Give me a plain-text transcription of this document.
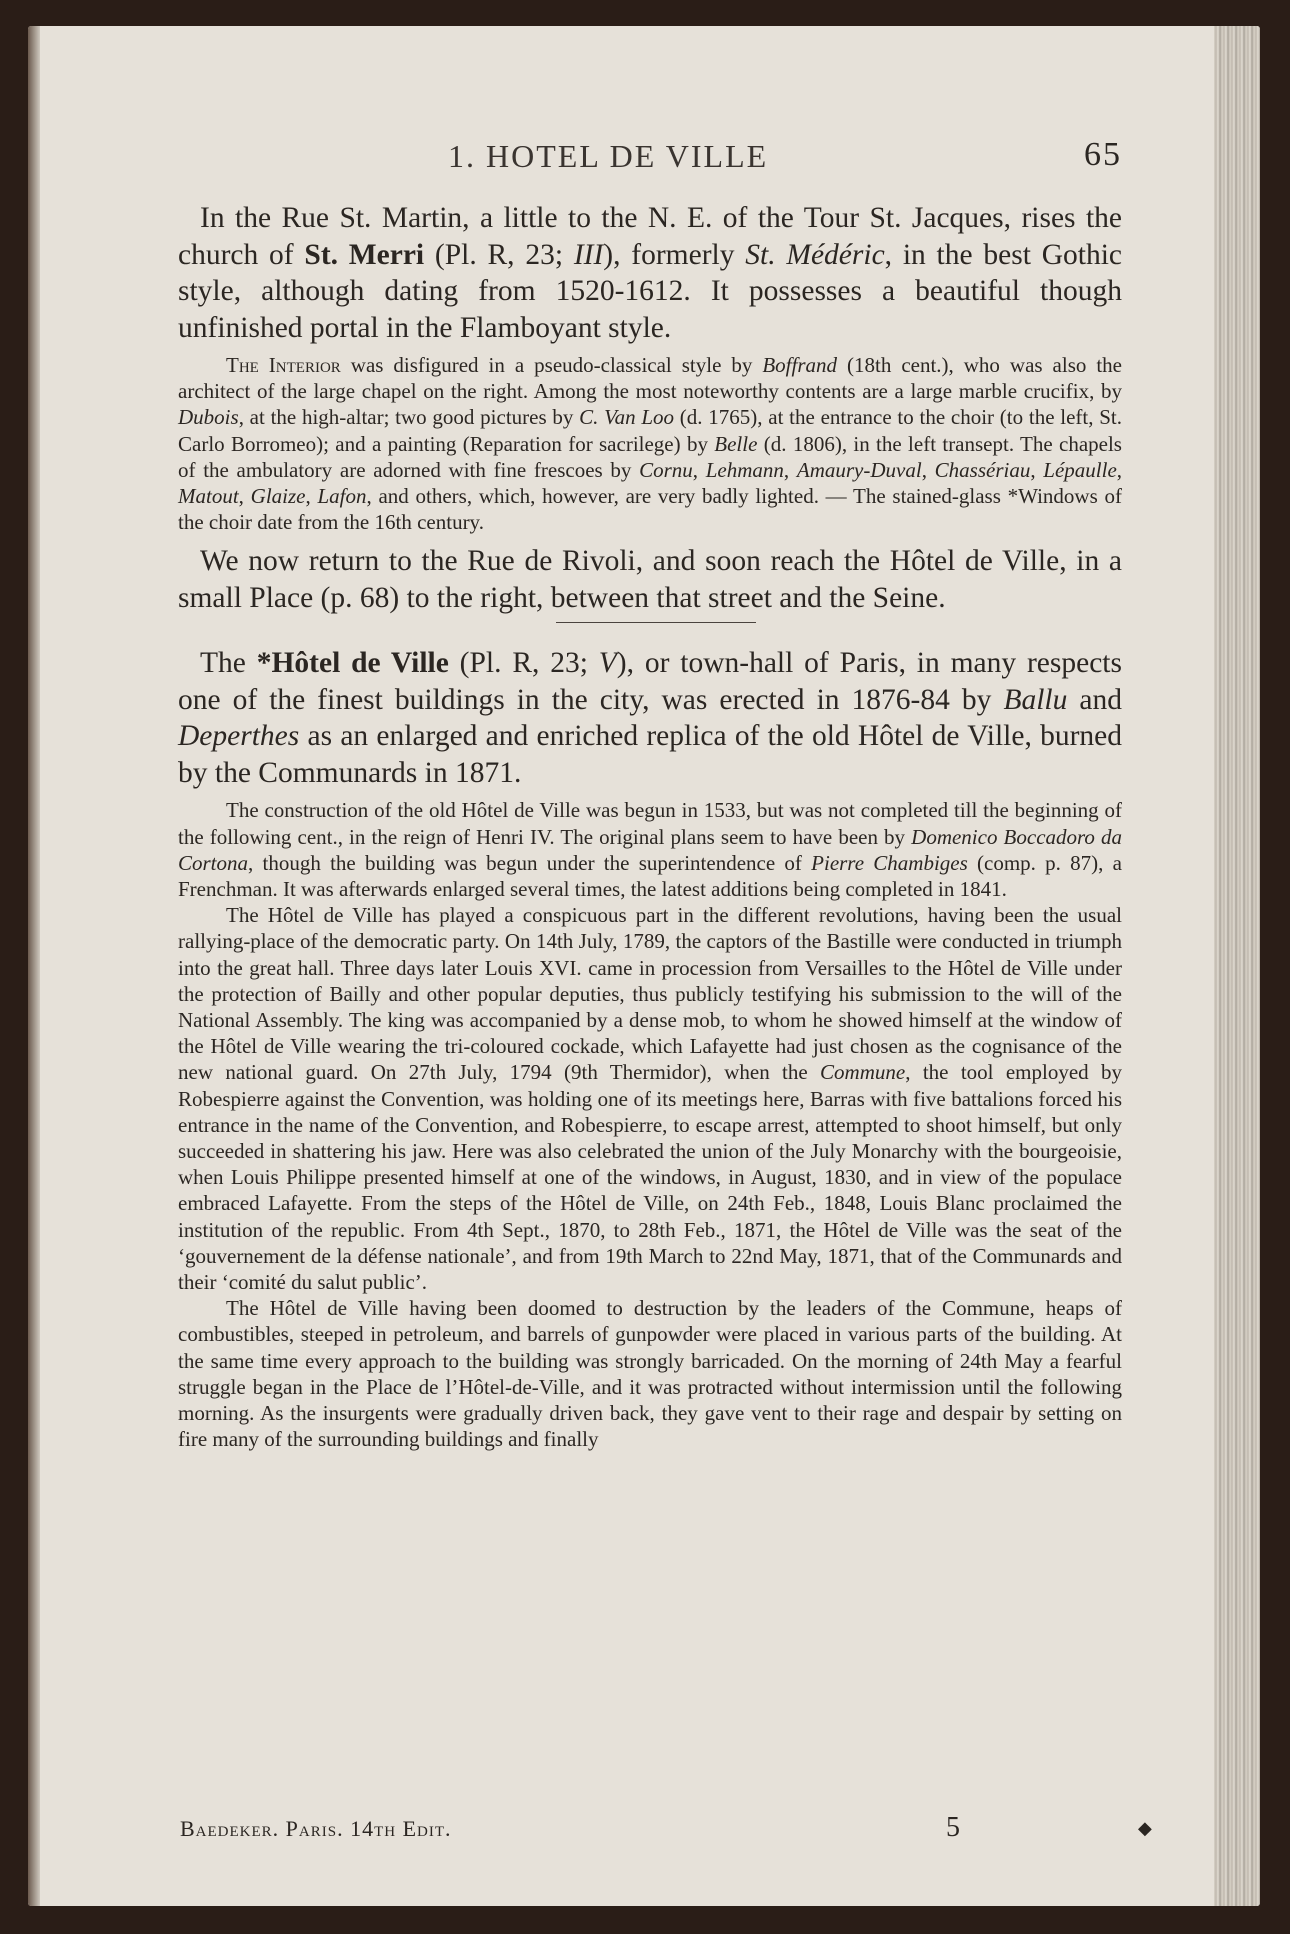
1. HOTEL DE VILLE	65

In the Rue St. Martin, a little to the N. E. of the Tour St. Jacques, rises the church of St. Merri (Pl. R, 23; III), formerly St. Médéric, in the best Gothic style, although dating from 1520-1612. It possesses a beautiful though unfinished portal in the Flamboyant style.

The Interior was disfigured in a pseudo-classical style by Boffrand (18th cent.), who was also the architect of the large chapel on the right. Among the most noteworthy contents are a large marble crucifix, by Dubois, at the high-altar; two good pictures by C. Van Loo (d. 1765), at the entrance to the choir (to the left, St. Carlo Borromeo); and a painting (Reparation for sacrilege) by Belle (d. 1806), in the left transept. The chapels of the ambulatory are adorned with fine frescoes by Cornu, Lehmann, Amaury-Duval, Chassériau, Lépaulle, Matout, Glaize, Lafon, and others, which, however, are very badly lighted. — The stained-glass *Windows of the choir date from the 16th century.

We now return to the Rue de Rivoli, and soon reach the Hôtel de Ville, in a small Place (p. 68) to the right, between that street and the Seine.

The *Hôtel de Ville (Pl. R, 23; V), or town-hall of Paris, in many respects one of the finest buildings in the city, was erected in 1876-84 by Ballu and Deperthes as an enlarged and enriched replica of the old Hôtel de Ville, burned by the Communards in 1871.

The construction of the old Hôtel de Ville was begun in 1533, but was not completed till the beginning of the following cent., in the reign of Henri IV. The original plans seem to have been by Domenico Boccadoro da Cortona, though the building was begun under the superintendence of Pierre Chambiges (comp. p. 87), a Frenchman. It was afterwards enlarged several times, the latest additions being completed in 1841.

The Hôtel de Ville has played a conspicuous part in the different revolutions, having been the usual rallying-place of the democratic party. On 14th July, 1789, the captors of the Bastille were conducted in triumph into the great hall. Three days later Louis XVI. came in procession from Versailles to the Hôtel de Ville under the protection of Bailly and other popular deputies, thus publicly testifying his submission to the will of the National Assembly. The king was accompanied by a dense mob, to whom he showed himself at the window of the Hôtel de Ville wearing the tri-coloured cockade, which Lafayette had just chosen as the cognisance of the new national guard. On 27th July, 1794 (9th Thermidor), when the Commune, the tool employed by Robespierre against the Convention, was holding one of its meetings here, Barras with five battalions forced his entrance in the name of the Convention, and Robespierre, to escape arrest, attempted to shoot himself, but only succeeded in shattering his jaw. Here was also celebrated the union of the July Monarchy with the bourgeoisie, when Louis Philippe presented himself at one of the windows, in August, 1830, and in view of the populace embraced Lafayette. From the steps of the Hôtel de Ville, on 24th Feb., 1848, Louis Blanc proclaimed the institution of the republic. From 4th Sept., 1870, to 28th Feb., 1871, the Hôtel de Ville was the seat of the ‘gouvernement de la défense nationale’, and from 19th March to 22nd May, 1871, that of the Communards and their ‘comité du salut public’.

The Hôtel de Ville having been doomed to destruction by the leaders of the Commune, heaps of combustibles, steeped in petroleum, and barrels of gunpowder were placed in various parts of the building. At the same time every approach to the building was strongly barricaded. On the morning of 24th May a fearful struggle began in the Place de l’Hôtel-de-Ville, and it was protracted without intermission until the following morning. As the insurgents were gradually driven back, they gave vent to their rage and despair by setting on fire many of the surrounding buildings and finally

Baedeker. Paris. 14th Edit.	5	◆
